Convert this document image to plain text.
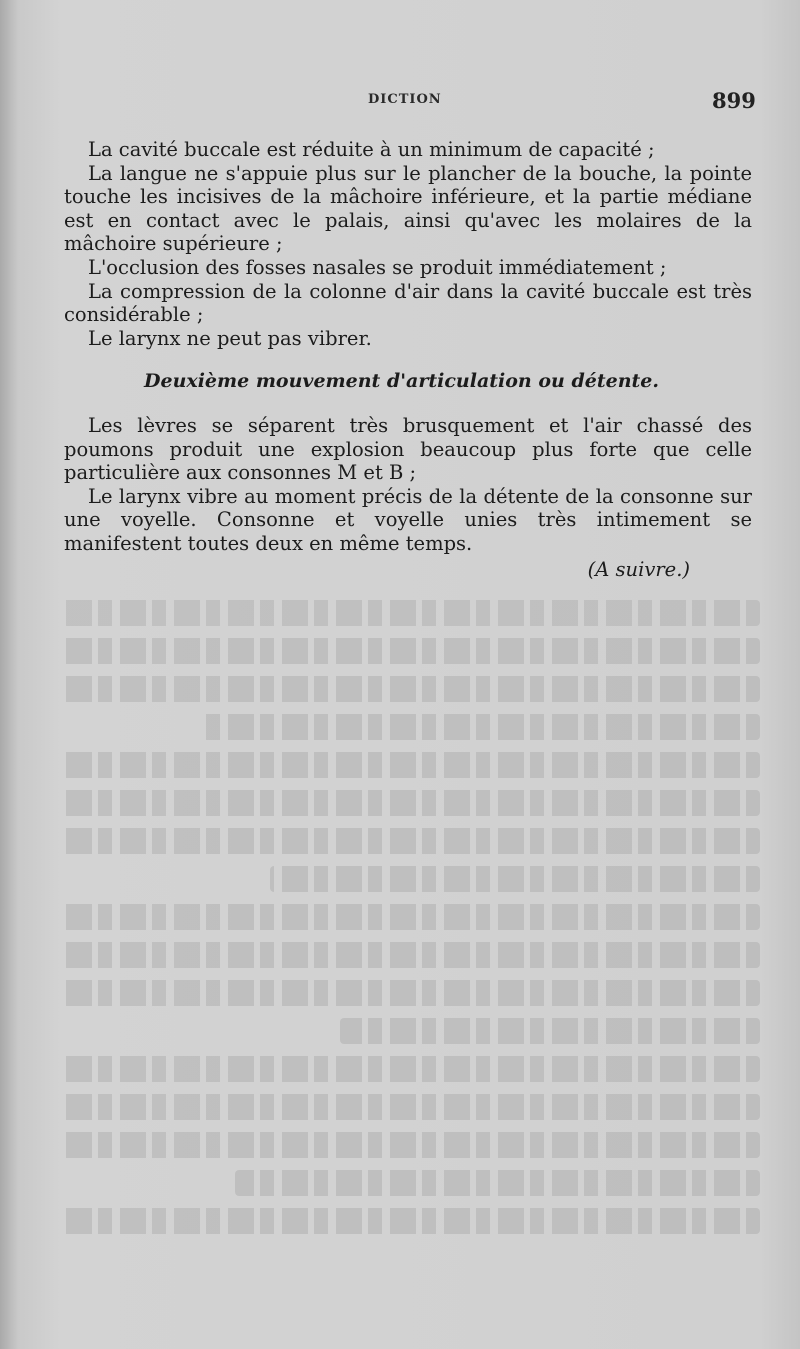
DICTION	899

La cavité buccale est réduite à un minimum de capacité ;

La langue ne s'appuie plus sur le plancher de la bouche, la pointe touche les incisives de la mâchoire inférieure, et la partie médiane est en contact avec le palais, ainsi qu'avec les molaires de la mâchoire supérieure ;

L'occlusion des fosses nasales se produit immédiatement ;

La compression de la colonne d'air dans la cavité buccale est très considérable ;

Le larynx ne peut pas vibrer.

Deuxième mouvement d'articulation ou détente.

Les lèvres se séparent très brusquement et l'air chassé des poumons produit une explosion beaucoup plus forte que celle particulière aux consonnes M et B ;

Le larynx vibre au moment précis de la détente de la consonne sur une voyelle. Consonne et voyelle unies très intimement se manifestent toutes deux en même temps.

(A suivre.)
